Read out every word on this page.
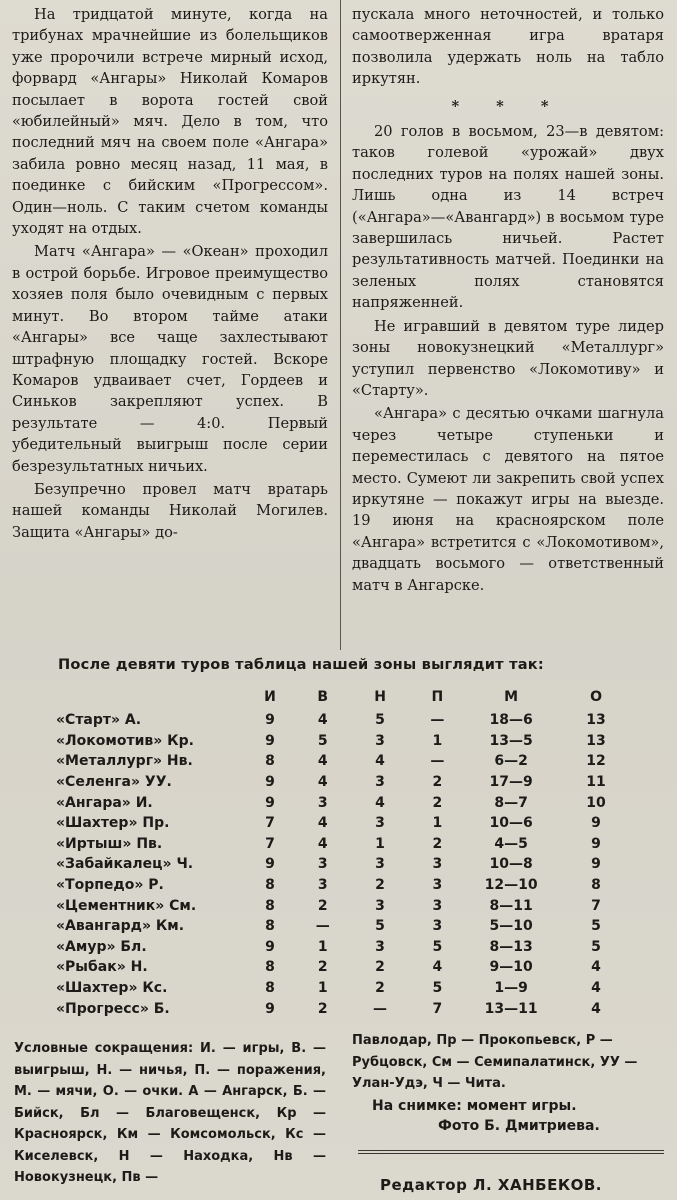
На тридцатой минуте, когда на трибунах мрачнейшие из болельщиков уже пророчили встрече мирный исход, форвард «Ангары» Николай Комаров посылает в ворота гостей свой «юбилейный» мяч. Дело в том, что последний мяч на своем поле «Ангара» забила ровно месяц назад, 11 мая, в поединке с бийским «Прогрессом». Один—ноль. С таким счетом команды уходят на отдых.

Матч «Ангара» — «Океан» проходил в острой борьбе. Игровое преимущество хозяев поля было очевидным с первых минут. Во втором тайме атаки «Ангары» все чаще захлестывают штрафную площадку гостей. Вскоре Комаров удваивает счет, Гордеев и Синьков закрепляют успех. В результате — 4:0. Первый убедительный выигрыш после серии безрезультатных ничьих.

Безупречно провел матч вратарь нашей команды Николай Могилев. Защита «Ангары» до-

пускала много неточностей, и только самоотверженная игра вратаря позволила удержать ноль на табло иркутян.

* * *

20 голов в восьмом, 23—в девятом: таков голевой «урожай» двух последних туров на полях нашей зоны. Лишь одна из 14 встреч («Ангара»—«Авангард») в восьмом туре завершилась ничьей. Растет результативность матчей. Поединки на зеленых полях становятся напряженней.

Не игравший в девятом туре лидер зоны новокузнецкий «Металлург» уступил первенство «Локомотиву» и «Старту».

«Ангара» с десятью очками шагнула через четыре ступеньки и переместилась с девятого на пятое место. Сумеют ли закрепить свой успех иркутяне — покажут игры на выезде. 19 июня на красноярском поле «Ангара» встретится с «Локомотивом», двадцать восьмого — ответственный матч в Ангарске.

После девяти туров таблица нашей зоны выглядит так:
	И	В	Н	П	М	О
«Старт» А.	9	4	5	—	18—6	13
«Локомотив» Кр.	9	5	3	1	13—5	13
«Металлург» Нв.	8	4	4	—	6—2	12
«Селенга» УУ.	9	4	3	2	17—9	11
«Ангара» И.	9	3	4	2	8—7	10
«Шахтер» Пр.	7	4	3	1	10—6	9
«Иртыш» Пв.	7	4	1	2	4—5	9
«Забайкалец» Ч.	9	3	3	3	10—8	9
«Торпедо» Р.	8	3	2	3	12—10	8
«Цементник» См.	8	2	3	3	8—11	7
«Авангард» Км.	8	—	5	3	5—10	5
«Амур» Бл.	9	1	3	5	8—13	5
«Рыбак» Н.	8	2	2	4	9—10	4
«Шахтер» Кс.	8	1	2	5	1—9	4
«Прогресс» Б.	9	2	—	7	13—11	4

Условные сокращения: И. — игры, В. — выигрыш, Н. — ничья, П. — поражения, М. — мячи, О. — очки. А — Ангарск, Б. — Бийск, Бл — Благовещенск, Кр — Красноярск, Км — Комсомольск, Кс — Киселевск, Н — Находка, Нв — Новокузнецк, Пв —

Павлодар, Пр — Прокопьевск, Р — Рубцовск, См — Семипалатинск, УУ — Улан-Удэ, Ч — Чита.

На снимке: момент игры.
Фото Б. Дмитриева.
Редактор Л. ХАНБЕКОВ.
